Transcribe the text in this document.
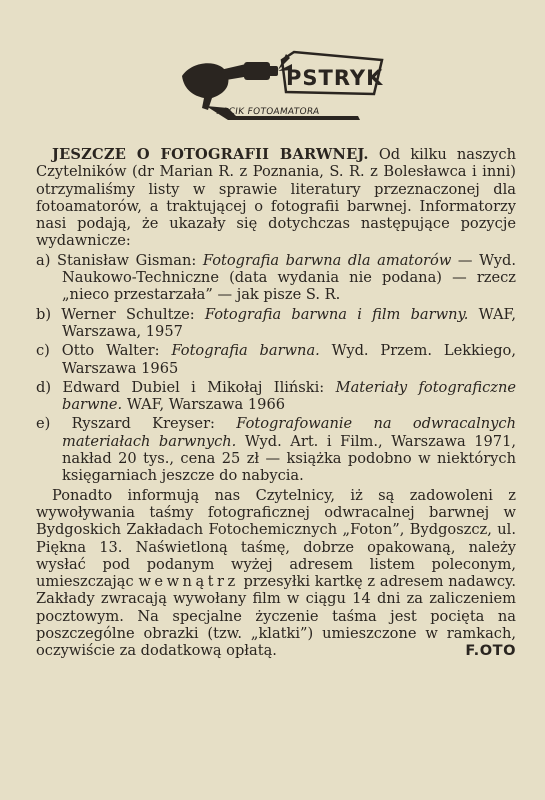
PSTRYK
KĄCIK FOTOAMATORA

JESZCZE O FOTOGRAFII BARWNEJ. Od kilku naszych Czytelników (dr Marian R. z Poznania, S. R. z Bolesławca i inni) otrzymaliśmy listy w sprawie literatury przeznaczonej dla fotoamatorów, a traktującej o fotografii barwnej. Informatorzy nasi podają, że ukazały się dotychczas następujące pozycje wydawnicze:

a) Stanisław Gisman: Fotografia barwna dla amatorów — Wyd. Naukowo-Techniczne (data wydania nie podana) — rzecz „nieco przestarzała” — jak pisze S. R.

b) Werner Schultze: Fotografia barwna i film barwny. WAF, Warszawa, 1957

c) Otto Walter: Fotografia barwna. Wyd. Przem. Lekkiego, Warszawa 1965

d) Edward Dubiel i Mikołaj Iliński: Materiały fotograficzne barwne. WAF, Warszawa 1966

e) Ryszard Kreyser: Fotografowanie na odwracalnych materiałach barwnych. Wyd. Art. i Film., Warszawa 1971, nakład 20 tys., cena 25 zł — książka podobno w niektórych księgarniach jeszcze do nabycia.

Ponadto informują nas Czytelnicy, iż są zadowoleni z wywoływania taśmy fotograficznej odwracalnej barwnej w Bydgoskich Zakładach Fotochemicznych „Foton”, Bydgoszcz, ul. Piękna 13. Naświetloną taśmę, dobrze opakowaną, należy wysłać pod podanym wyżej adresem listem poleconym, umieszczając wewnątrz przesyłki kartkę z adresem nadawcy. Zakłady zwracają wywołany film w ciągu 14 dni za zaliczeniem pocztowym. Na specjalne życzenie taśma jest pocięta na poszczególne obrazki (tzw. „klatki”) umieszczone w ramkach, oczywiście za dodatkową opłatą.	F.OTO
